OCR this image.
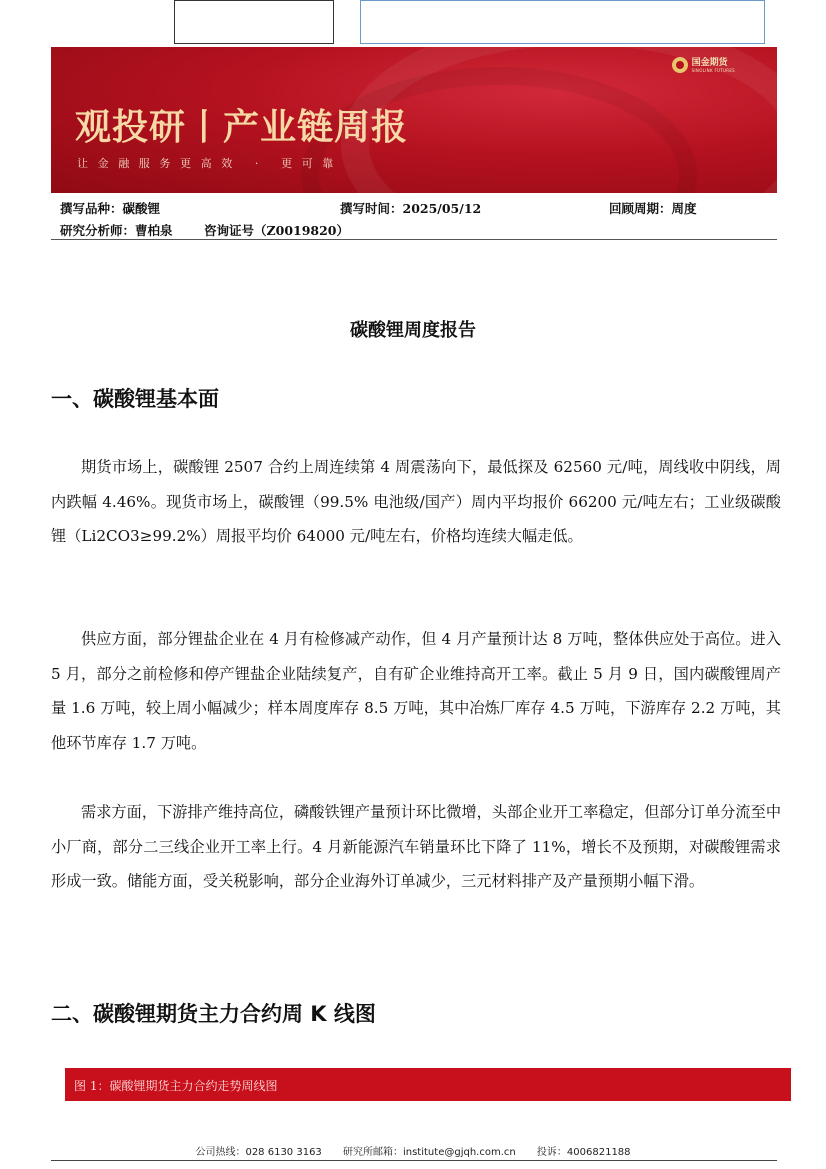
国金期货
SINOLINK FUTURES
观投研丨产业链周报
让金融服务更高效 · 更可靠
撰写品种：碳酸锂	撰写时间：2025/05/12	回顾周期：周度
研究分析师：曹柏泉	咨询证号（Z0019820）
碳酸锂周度报告
一、碳酸锂基本面

期货市场上，碳酸锂 2507 合约上周连续第 4 周震荡向下，最低探及 62560 元/吨，周线收中阴线，周内跌幅 4.46%。现货市场上，碳酸锂（99.5% 电池级/国产）周内平均报价 66200 元/吨左右；工业级碳酸锂（Li2CO3≥99.2%）周报平均价 64000 元/吨左右，价格均连续大幅走低。

供应方面，部分锂盐企业在 4 月有检修减产动作，但 4 月产量预计达 8 万吨，整体供应处于高位。进入 5 月，部分之前检修和停产锂盐企业陆续复产，自有矿企业维持高开工率。截止 5 月 9 日，国内碳酸锂周产量 1.6 万吨，较上周小幅减少；样本周度库存 8.5 万吨，其中冶炼厂库存 4.5 万吨，下游库存 2.2 万吨，其他环节库存 1.7 万吨。

需求方面，下游排产维持高位，磷酸铁锂产量预计环比微增，头部企业开工率稳定，但部分订单分流至中小厂商，部分二三线企业开工率上行。4 月新能源汽车销量环比下降了 11%，增长不及预期，对碳酸锂需求形成一致。储能方面，受关税影响，部分企业海外订单减少，三元材料排产及产量预期小幅下滑。

二、碳酸锂期货主力合约周 K 线图
图 1：碳酸锂期货主力合约走势周线图
公司热线：028 6130 3163 研究所邮箱：institute@gjqh.com.cn 投诉：4006821188
